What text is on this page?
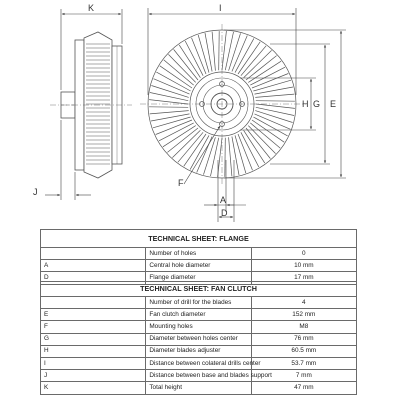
K
J
I
H G E
F
A
D
TECHNICAL SHEET: FLANGE		
	Number of holes	0
A	Central hole diameter	10 mm
D	Flange diameter	17 mm
TECHNICAL SHEET: FAN CLUTCH		
	Number of drill for the blades	4
E	Fan clutch diameter	152 mm
F	Mounting holes	M8
G	Diameter between holes center	76 mm
H	Diameter blades adjuster	60.5 mm
I	Distance between colateral drills center	53.7 mm
J	Distance between base and blades support	7 mm
K	Total height	47 mm
